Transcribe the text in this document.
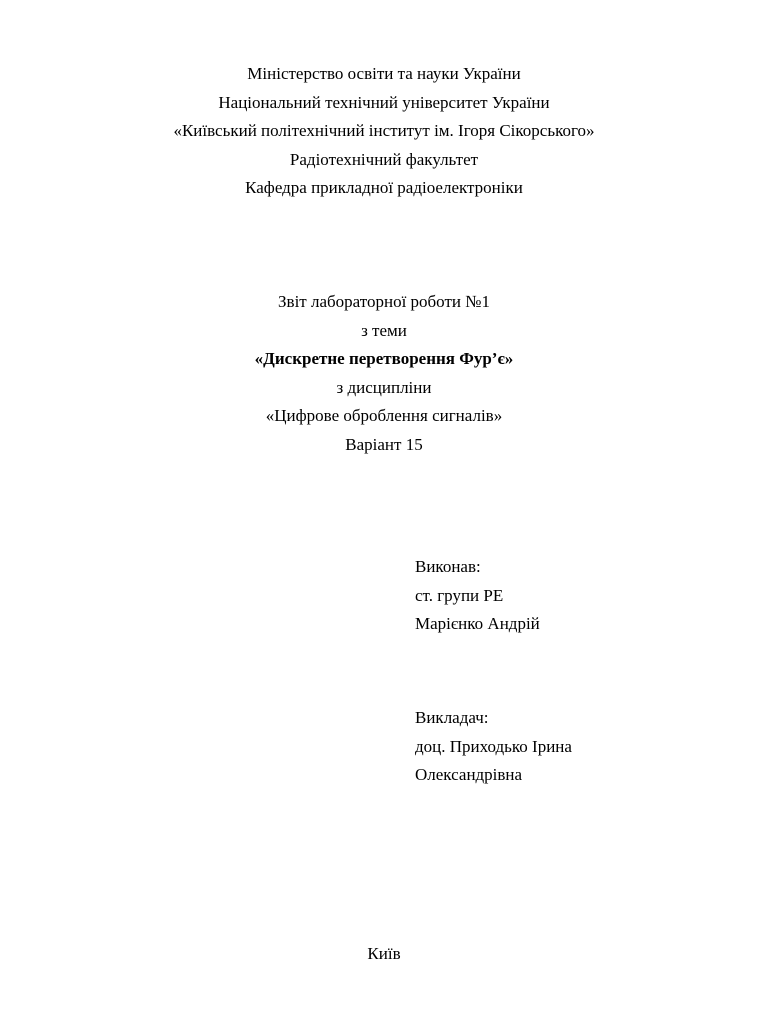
Міністерство освіти та науки України
Національний технічний університет України
«Київський політехнічний інститут ім. Ігоря Сікорського»
Радіотехнічний факультет
Кафедра прикладної радіоелектроніки
Звіт лабораторної роботи №1
з теми
«Дискретне перетворення Фур’є»
з дисципліни
«Цифрове оброблення сигналів»
Варіант 15
Виконав:
ст. групи РЕ
Марієнко Андрій
Викладач:
доц. Приходько Ірина
Олександрівна
Київ
